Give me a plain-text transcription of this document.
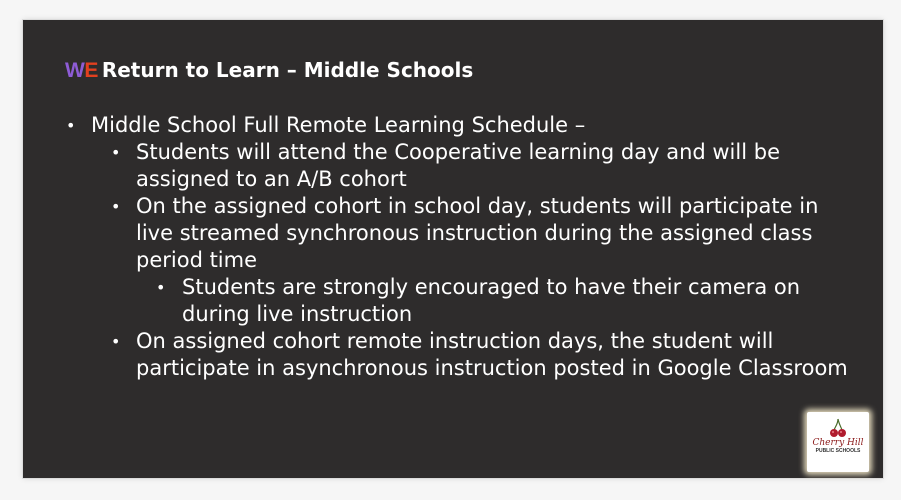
WE Return to Learn – Middle Schools
• Middle School Full Remote Learning Schedule –
• Students will attend the Cooperative learning day and will be assigned to an A/B cohort
• On the assigned cohort in school day, students will participate in live streamed synchronous instruction during the assigned class period time
• Students are strongly encouraged to have their camera on during live instruction
• On assigned cohort remote instruction days, the student will participate in asynchronous instruction posted in Google Classroom
Cherry Hill
PUBLIC SCHOOLS
